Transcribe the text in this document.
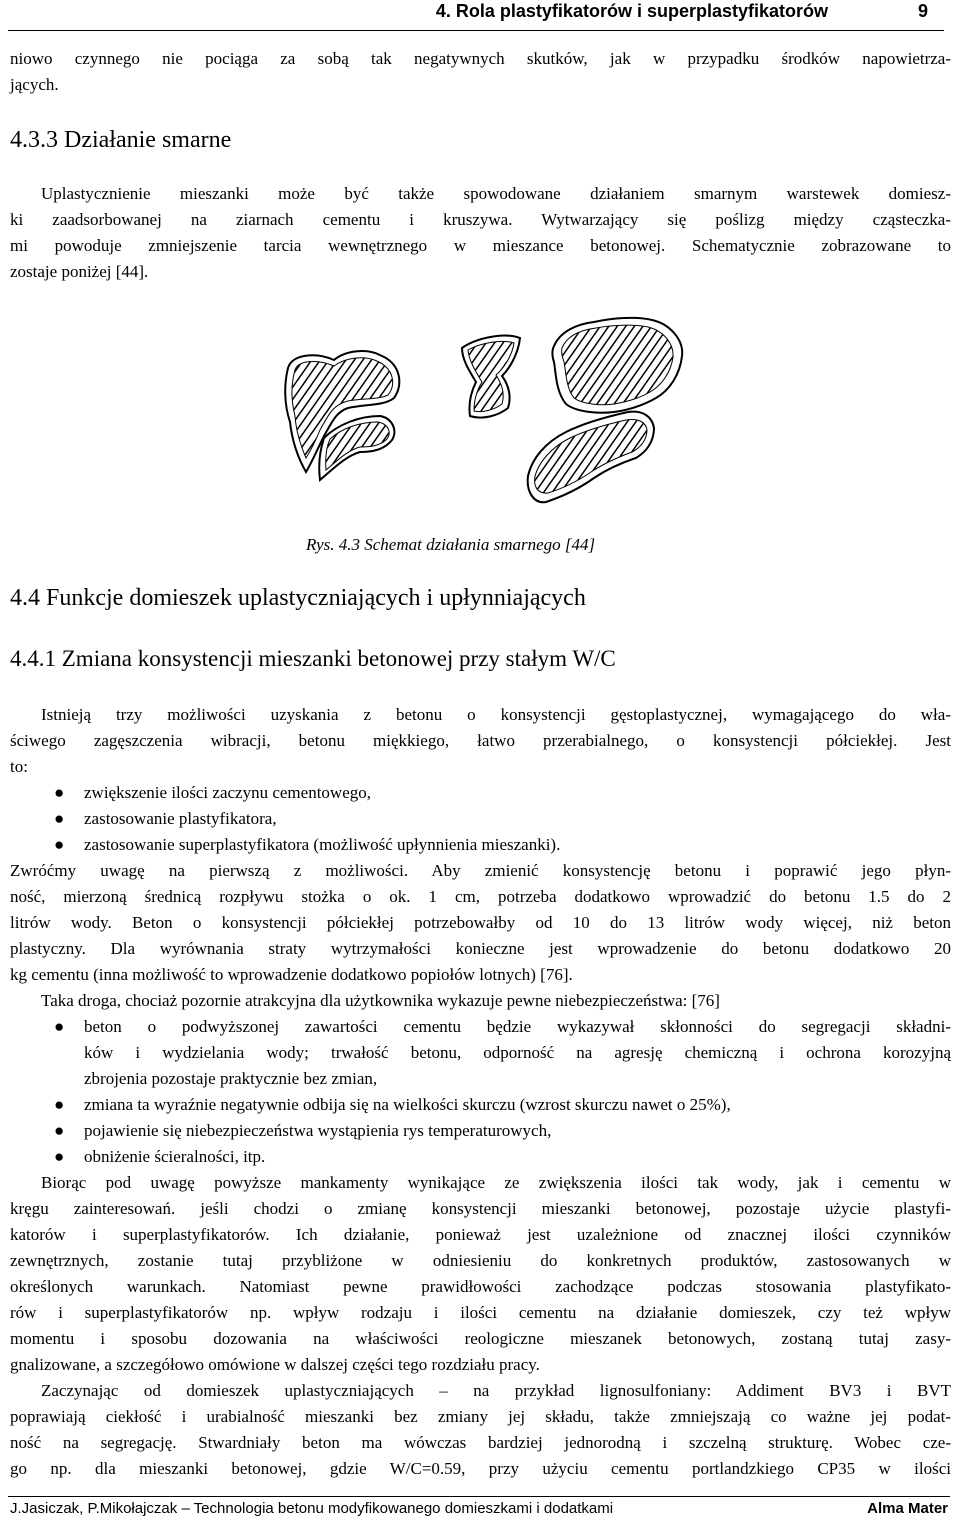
4. Rola plastyfikatorów i superplastyfikatorów	9
niowo czynnego nie pociąga za sobą tak negatywnych skutków, jak w przypadku środków napowietrza-
jących.
4.3.3 Działanie smarne
Uplastycznienie mieszanki może być także spowodowane działaniem smarnym warstewek domiesz-
ki zaadsorbowanej na ziarnach cementu i kruszywa. Wytwarzający się poślizg między cząsteczka-
mi powoduje zmniejszenie tarcia wewnętrznego w mieszance betonowej. Schematycznie zobrazowane to
zostaje poniżej [44].
Rys. 4.3 Schemat działania smarnego [44]
4.4 Funkcje domieszek uplastyczniających i upłynniających
4.4.1 Zmiana konsystencji mieszanki betonowej przy stałym W/C
Istnieją trzy możliwości uzyskania z betonu o konsystencji gęstoplastycznej, wymagającego do wła-
ściwego zagęszczenia wibracji, betonu miękkiego, łatwo przerabialnego, o konsystencji półciekłej. Jest
to:
● zwiększenie ilości zaczynu cementowego,
● zastosowanie plastyfikatora,
● zastosowanie superplastyfikatora (możliwość upłynnienia mieszanki).
Zwróćmy uwagę na pierwszą z możliwości. Aby zmienić konsystencję betonu i poprawić jego płyn-
ność, mierzoną średnicą rozpływu stożka o ok. 1 cm, potrzeba dodatkowo wprowadzić do betonu 1.5 do 2
litrów wody. Beton o konsystencji półciekłej potrzebowałby od 10 do 13 litrów wody więcej, niż beton
plastyczny. Dla wyrównania straty wytrzymałości konieczne jest wprowadzenie do betonu dodatkowo 20
kg cementu (inna możliwość to wprowadzenie dodatkowo popiołów lotnych) [76].
Taka droga, chociaż pozornie atrakcyjna dla użytkownika wykazuje pewne niebezpieczeństwa: [76]
● beton o podwyższonej zawartości cementu będzie wykazywał skłonności do segregacji składni-
ków i wydzielania wody; trwałość betonu, odporność na agresję chemiczną i ochrona korozyjną
zbrojenia pozostaje praktycznie bez zmian,
● zmiana ta wyraźnie negatywnie odbija się na wielkości skurczu (wzrost skurczu nawet o 25%),
● pojawienie się niebezpieczeństwa wystąpienia rys temperaturowych,
● obniżenie ścieralności, itp.
Biorąc pod uwagę powyższe mankamenty wynikające ze zwiększenia ilości tak wody, jak i cementu w
kręgu zainteresowań. jeśli chodzi o zmianę konsystencji mieszanki betonowej, pozostaje użycie plastyfi-
katorów i superplastyfikatorów. Ich działanie, ponieważ jest uzależnione od znacznej ilości czynników
zewnętrznych, zostanie tutaj przybliżone w odniesieniu do konkretnych produktów, zastosowanych w
określonych warunkach. Natomiast pewne prawidłowości zachodzące podczas stosowania plastyfikato-
rów i superplastyfikatorów np. wpływ rodzaju i ilości cementu na działanie domieszek, czy też wpływ
momentu i sposobu dozowania na właściwości reologiczne mieszanek betonowych, zostaną tutaj zasy-
gnalizowane, a szczegółowo omówione w dalszej części tego rozdziału pracy.
Zaczynając od domieszek uplastyczniających – na przykład lignosulfoniany: Addiment BV3 i BVT
poprawiają ciekłość i urabialność mieszanki bez zmiany jej składu, także zmniejszają co ważne jej podat-
ność na segregację. Stwardniały beton ma wówczas bardziej jednorodną i szczelną strukturę. Wobec cze-
go np. dla mieszanki betonowej, gdzie W/C=0.59, przy użyciu cementu portlandzkiego CP35 w ilości
J.Jasiczak, P.Mikołajczak – Technologia betonu modyfikowanego domieszkami i dodatkami	Alma Mater
